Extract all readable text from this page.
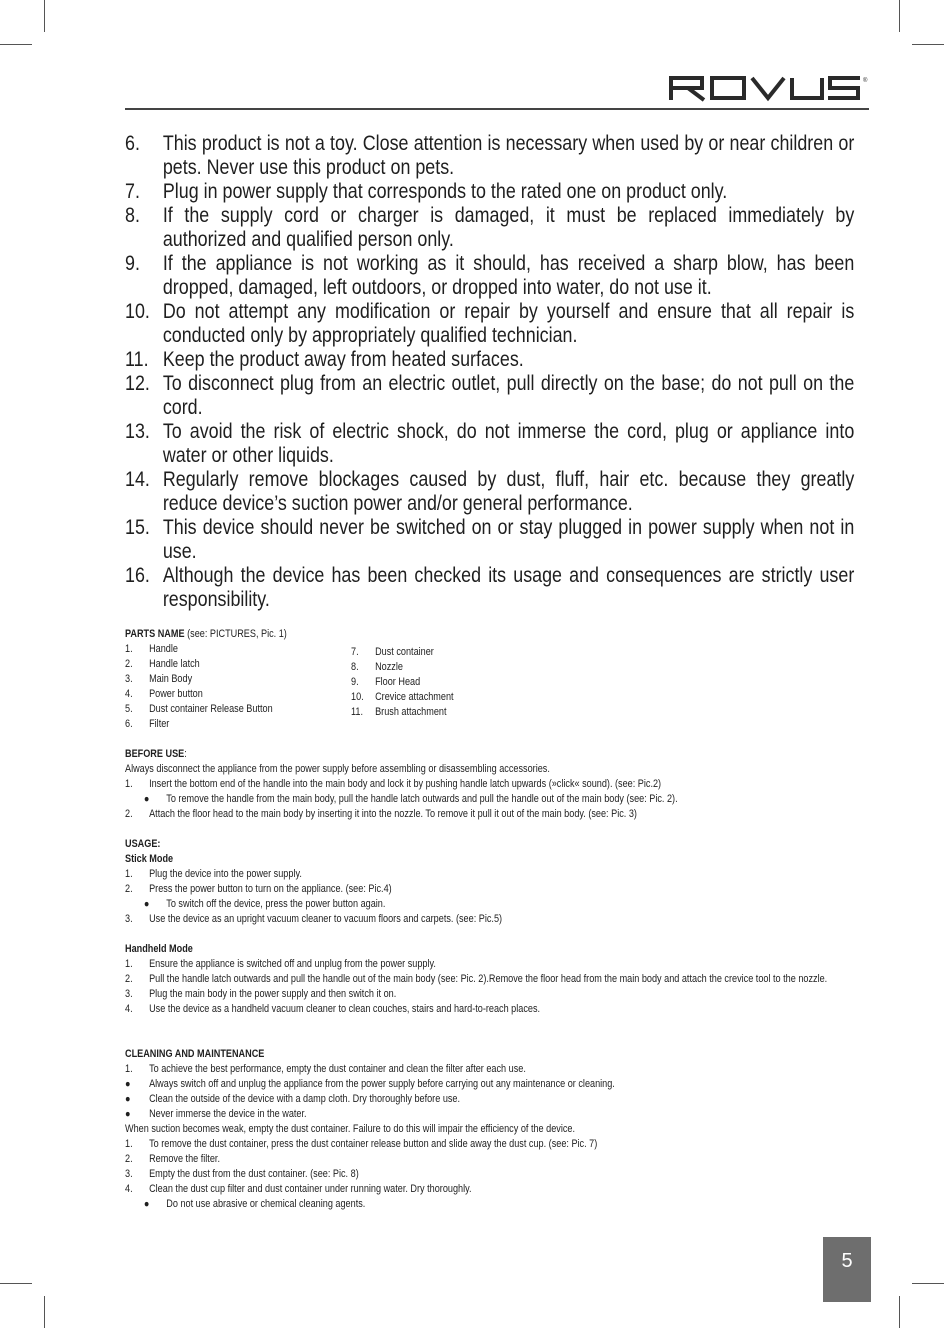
®
6.	This product is not a toy. Close attention is necessary when used by or near children or pets. Never use this product on pets.
7.	Plug in power supply that corresponds to the rated one on product only.
8.	If the supply cord or charger is damaged, it must be replaced immediately by authorized and qualified person only.
9.	If the appliance is not working as it should, has received a sharp blow, has been dropped, damaged, left outdoors, or dropped into water, do not use it.
10. Do not attempt any modification or repair by yourself and ensure that all repair is conducted only by appropriately qualified technician.
11. Keep the product away from heated surfaces.
12. To disconnect plug from an electric outlet, pull directly on the base; do not pull on the cord.
13. To avoid the risk of electric shock, do not immerse the cord, plug or appliance into water or other liquids.
14. Regularly remove blockages caused by dust, fluff, hair etc. because they greatly reduce device’s suction power and/or general performance.
15. This device should never be switched on or stay plugged in power supply when not in use.
16. Although the device has been checked its usage and consequences are strictly user responsibility.
PARTS NAME (see: PICTURES, Pic. 1)
1.	Handle
2.	Handle latch
3.	Main Body
4.	Power button
5.	Dust container Release Button
6.	Filter
7.	Dust container
8.	Nozzle
9.	Floor Head
10.	Crevice attachment
11.	Brush attachment
BEFORE USE:
Always disconnect the appliance from the power supply before assembling or disassembling accessories.
1.	Insert the bottom end of the handle into the main body and lock it by pushing handle latch upwards (»click« sound). (see: Pic.2)
●	To remove the handle from the main body, pull the handle latch outwards and pull the handle out of the main body (see: Pic. 2).
2.	Attach the floor head to the main body by inserting it into the nozzle. To remove it pull it out of the main body. (see: Pic. 3)
USAGE:
Stick Mode
1.	Plug the device into the power supply.
2.	Press the power button to turn on the appliance. (see: Pic.4)
●	To switch off the device, press the power button again.
3.	Use the device as an upright vacuum cleaner to vacuum floors and carpets. (see: Pic.5)
Handheld Mode
1.	Ensure the appliance is switched off and unplug from the power supply.
2.	Pull the handle latch outwards and pull the handle out of the main body (see: Pic. 2).Remove the floor head from the main body and attach the crevice tool to the nozzle.
3.	Plug the main body in the power supply and then switch it on.
4.	Use the device as a handheld vacuum cleaner to clean couches, stairs and hard-to-reach places.
CLEANING AND MAINTENANCE
1.	To achieve the best performance, empty the dust container and clean the filter after each use.
●	Always switch off and unplug the appliance from the power supply before carrying out any maintenance or cleaning.
●	Clean the outside of the device with a damp cloth. Dry thoroughly before use.
●	Never immerse the device in the water.
When suction becomes weak, empty the dust container. Failure to do this will impair the efficiency of the device.
1.	To remove the dust container, press the dust container release button and slide away the dust cup. (see: Pic. 7)
2.	Remove the filter.
3.	Empty the dust from the dust container. (see: Pic. 8)
4.	Clean the dust cup filter and dust container under running water. Dry thoroughly.
●	Do not use abrasive or chemical cleaning agents.
5
